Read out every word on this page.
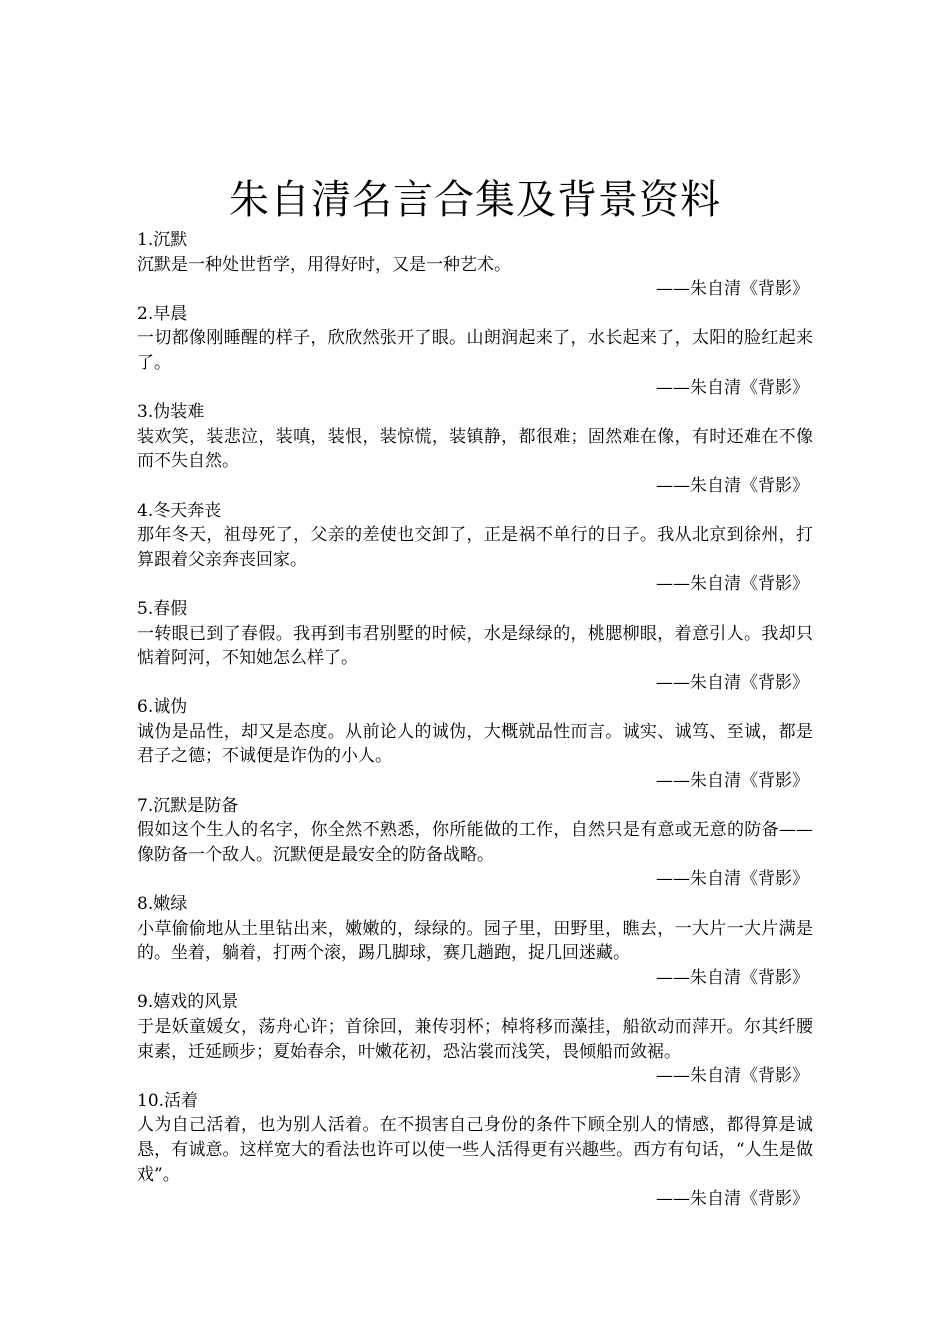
朱自清名言合集及背景资料
1.沉默
沉默是一种处世哲学，用得好时，又是一种艺术。
——朱自清《背影》
2.早晨
一切都像刚睡醒的样子，欣欣然张开了眼。山朗润起来了，水长起来了，太阳的脸红起来了。
——朱自清《背影》
3.伪装难
装欢笑，装悲泣，装嗔，装恨，装惊慌，装镇静，都很难；固然难在像，有时还难在不像而不失自然。
——朱自清《背影》
4.冬天奔丧
那年冬天，祖母死了，父亲的差使也交卸了，正是祸不单行的日子。我从北京到徐州，打算跟着父亲奔丧回家。
——朱自清《背影》
5.春假
一转眼已到了春假。我再到韦君别墅的时候，水是绿绿的，桃腮柳眼，着意引人。我却只惦着阿河，不知她怎么样了。
——朱自清《背影》
6.诚伪
诚伪是品性，却又是态度。从前论人的诚伪，大概就品性而言。诚实、诚笃、至诚，都是君子之德；不诚便是诈伪的小人。
——朱自清《背影》
7.沉默是防备
假如这个生人的名字，你全然不熟悉，你所能做的工作，自然只是有意或无意的防备——像防备一个敌人。沉默便是最安全的防备战略。
——朱自清《背影》
8.嫩绿
小草偷偷地从土里钻出来，嫩嫩的，绿绿的。园子里，田野里，瞧去，一大片一大片满是的。坐着，躺着，打两个滚，踢几脚球，赛几趟跑，捉几回迷藏。
——朱自清《背影》
9.嬉戏的风景
于是妖童媛女，荡舟心许；首徐回，兼传羽杯；棹将移而藻挂，船欲动而萍开。尔其纤腰束素，迁延顾步；夏始春余，叶嫩花初，恐沾裳而浅笑，畏倾船而敛裾。
——朱自清《背影》
10.活着
人为自己活着，也为别人活着。在不损害自己身份的条件下顾全别人的情感，都得算是诚恳，有诚意。这样宽大的看法也许可以使一些人活得更有兴趣些。西方有句话，“人生是做戏”。
——朱自清《背影》
